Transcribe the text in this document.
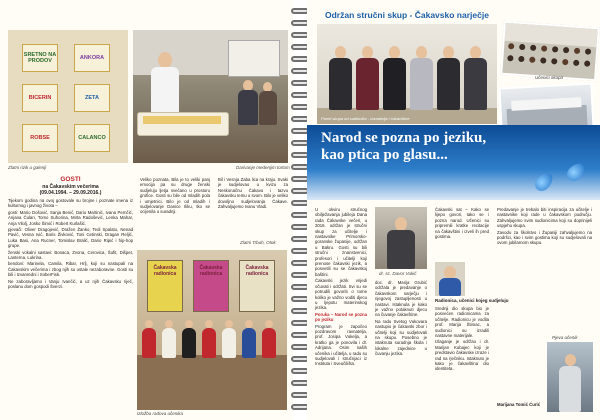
SRETNO NA PRODOV	ANKORA
BICERIN	ZETA
ROBSE	CALANCO
Zlatni rizik u galeriji	Darivanje medenjim tortom
GOSTI
na Čakavskim večerima
(09.04.1994. – 29.09.2016.)

Tijekom godina na ovoj gostovale su brojne i poznate imena iz kulturnog i javnog života –

gosti: Mario Došović, Sanja Benić, Dario Martinić, Ivana Pernčić, Anjana Čulan, Tomo Suhorina, Mirta Radošević, Lenka Mahar, Anja Vilolj, Josko Šimić i Robert Kurlašić.

pjevači: Oliver Dragojević, Dražen Žanko, Tedi Spalato, Nenad Pavić, Vesna Ivić, Boris Živković, Toni Cetinski, Dragan Reljić, Luka Basi, Ana Rucner, Tomislav Bralić, Dario Ripić i hip-hop grupe.

ženski vokalni sastavi: Bonaca, Zvona, Cerovica, Šufit, Dišpet, Lanterna, Lukrina.

bendovi: Marinela, Camila, Ribar, Hrlj, koji su nastupali na Čakavskim večerima i zbog njih su ostale nezaboravne. Gosti su bili i Izvanredni i SoberFisk.

Ne zaboravljamo i Vanju Ivančić, a uz njih Čakavsku riječ, poslanu dom gospodi Šverzi.

Veliko poznata, Bila je to veliki panj emocija pa su druge ženski sudjeluju ljetja svečano u prostoru grofice. Gosti su bile od mladih pola i umjetnici. Bilo je od mladih i sudjelovanje Danice Iliku, tko se ocijenila u suradnji.

Bil i Vesnja Zaba lica na kraju. Svaki je sudjelovao u kvizu za Neskonačnu Čakavu i tazvu čakavsku temu u svom. Bilo je veliko dovoljno sudjelovanja Čakave. Zahvaljujemo Ivanu Vladi.

Zlatni Trbuh, Otok
Čakavska radionica
Čakavska radionica
Čakavska radionica
Izložba radova učenika
Održan stručni skup - Čakavsko narječje
Panel skupa od sudionika - ravnatelja i čakavštine
Učenici skupa
Narod se pozna po jeziku,
kao ptica po glasu...

U okviru stručnog obilježavanja jubileja Dana rada Čakavske večeri, u 2016. održan je stručni skup za učitelje i nastavnike Primorsko-goranske županije, održan u Bakru. Gosti su bili stručni znanstvenici, profesori i učitelji koji prenose čakavski jezik, a posvetili su se čakavskoj baštini.

Čakavski jezik vrijedi očuvati i održati. Svi su se potrudili govoriti o tome koliko je važno voditi djecu u ljepotu materinskog jezika.

Poruka – Narod se pozna po jeziku

Program je započeo pozdravom ravnatelja, prof. Josipa Vukelja, a kratko ga je ponovila i dr. Adrijana. Osim naših učenika i učitelja, u radu su sudjelovali i stručnjaci iz Instituta i Sveučilišta.

dr. sc. Davor Vukić

doc. dr. Marija Grubić održala je predavanje o čakavskom narječju i njegovoj zastupljenosti u nastavi. Istaknula je kako je važno potaknuti djecu na čuvanje čakavštine.

Na radu Svetog Vukovara nastupio je čakavski zbor i učitelji koji su sudjelovali na skupu. Posebno je istaknuta suradnja škola i lokalne zajednice u čuvanju jezika.

Čakavski sat – Kako se lijepo govori, tako se i pozna narod. Učenici su pripremili kratke recitacije na čakavštini i izveli ih pred gostima.

Radionica, učenici kojeg sudjeluju

Srednji dio skupa bio je posvećen radionicama za učitelje. Radionicu je vodila prof. Marija Štimac, a sudionici su izradili nastavne materijale.

Izlaganje je održao i dr. Marijan Kubajec koji je predstavio čakavske izraze i rad na rječniku. Istaknuto je kako je čakavština dio identiteta.

Predavanje je trebalo biti inspiracija za učitelje i nastavnike koji rade u čakavskom području. Zahvaljujemo svim sudionicima koji su doprinijeli uspjehu skupa.

Zavodu za školstvo i Županiji zahvaljujemo na podršci, kao i svim gostima koji su sudjelovali na ovom jubilarnom skupu.

Pjeva učenik
Marijana Tomić Ćurić
